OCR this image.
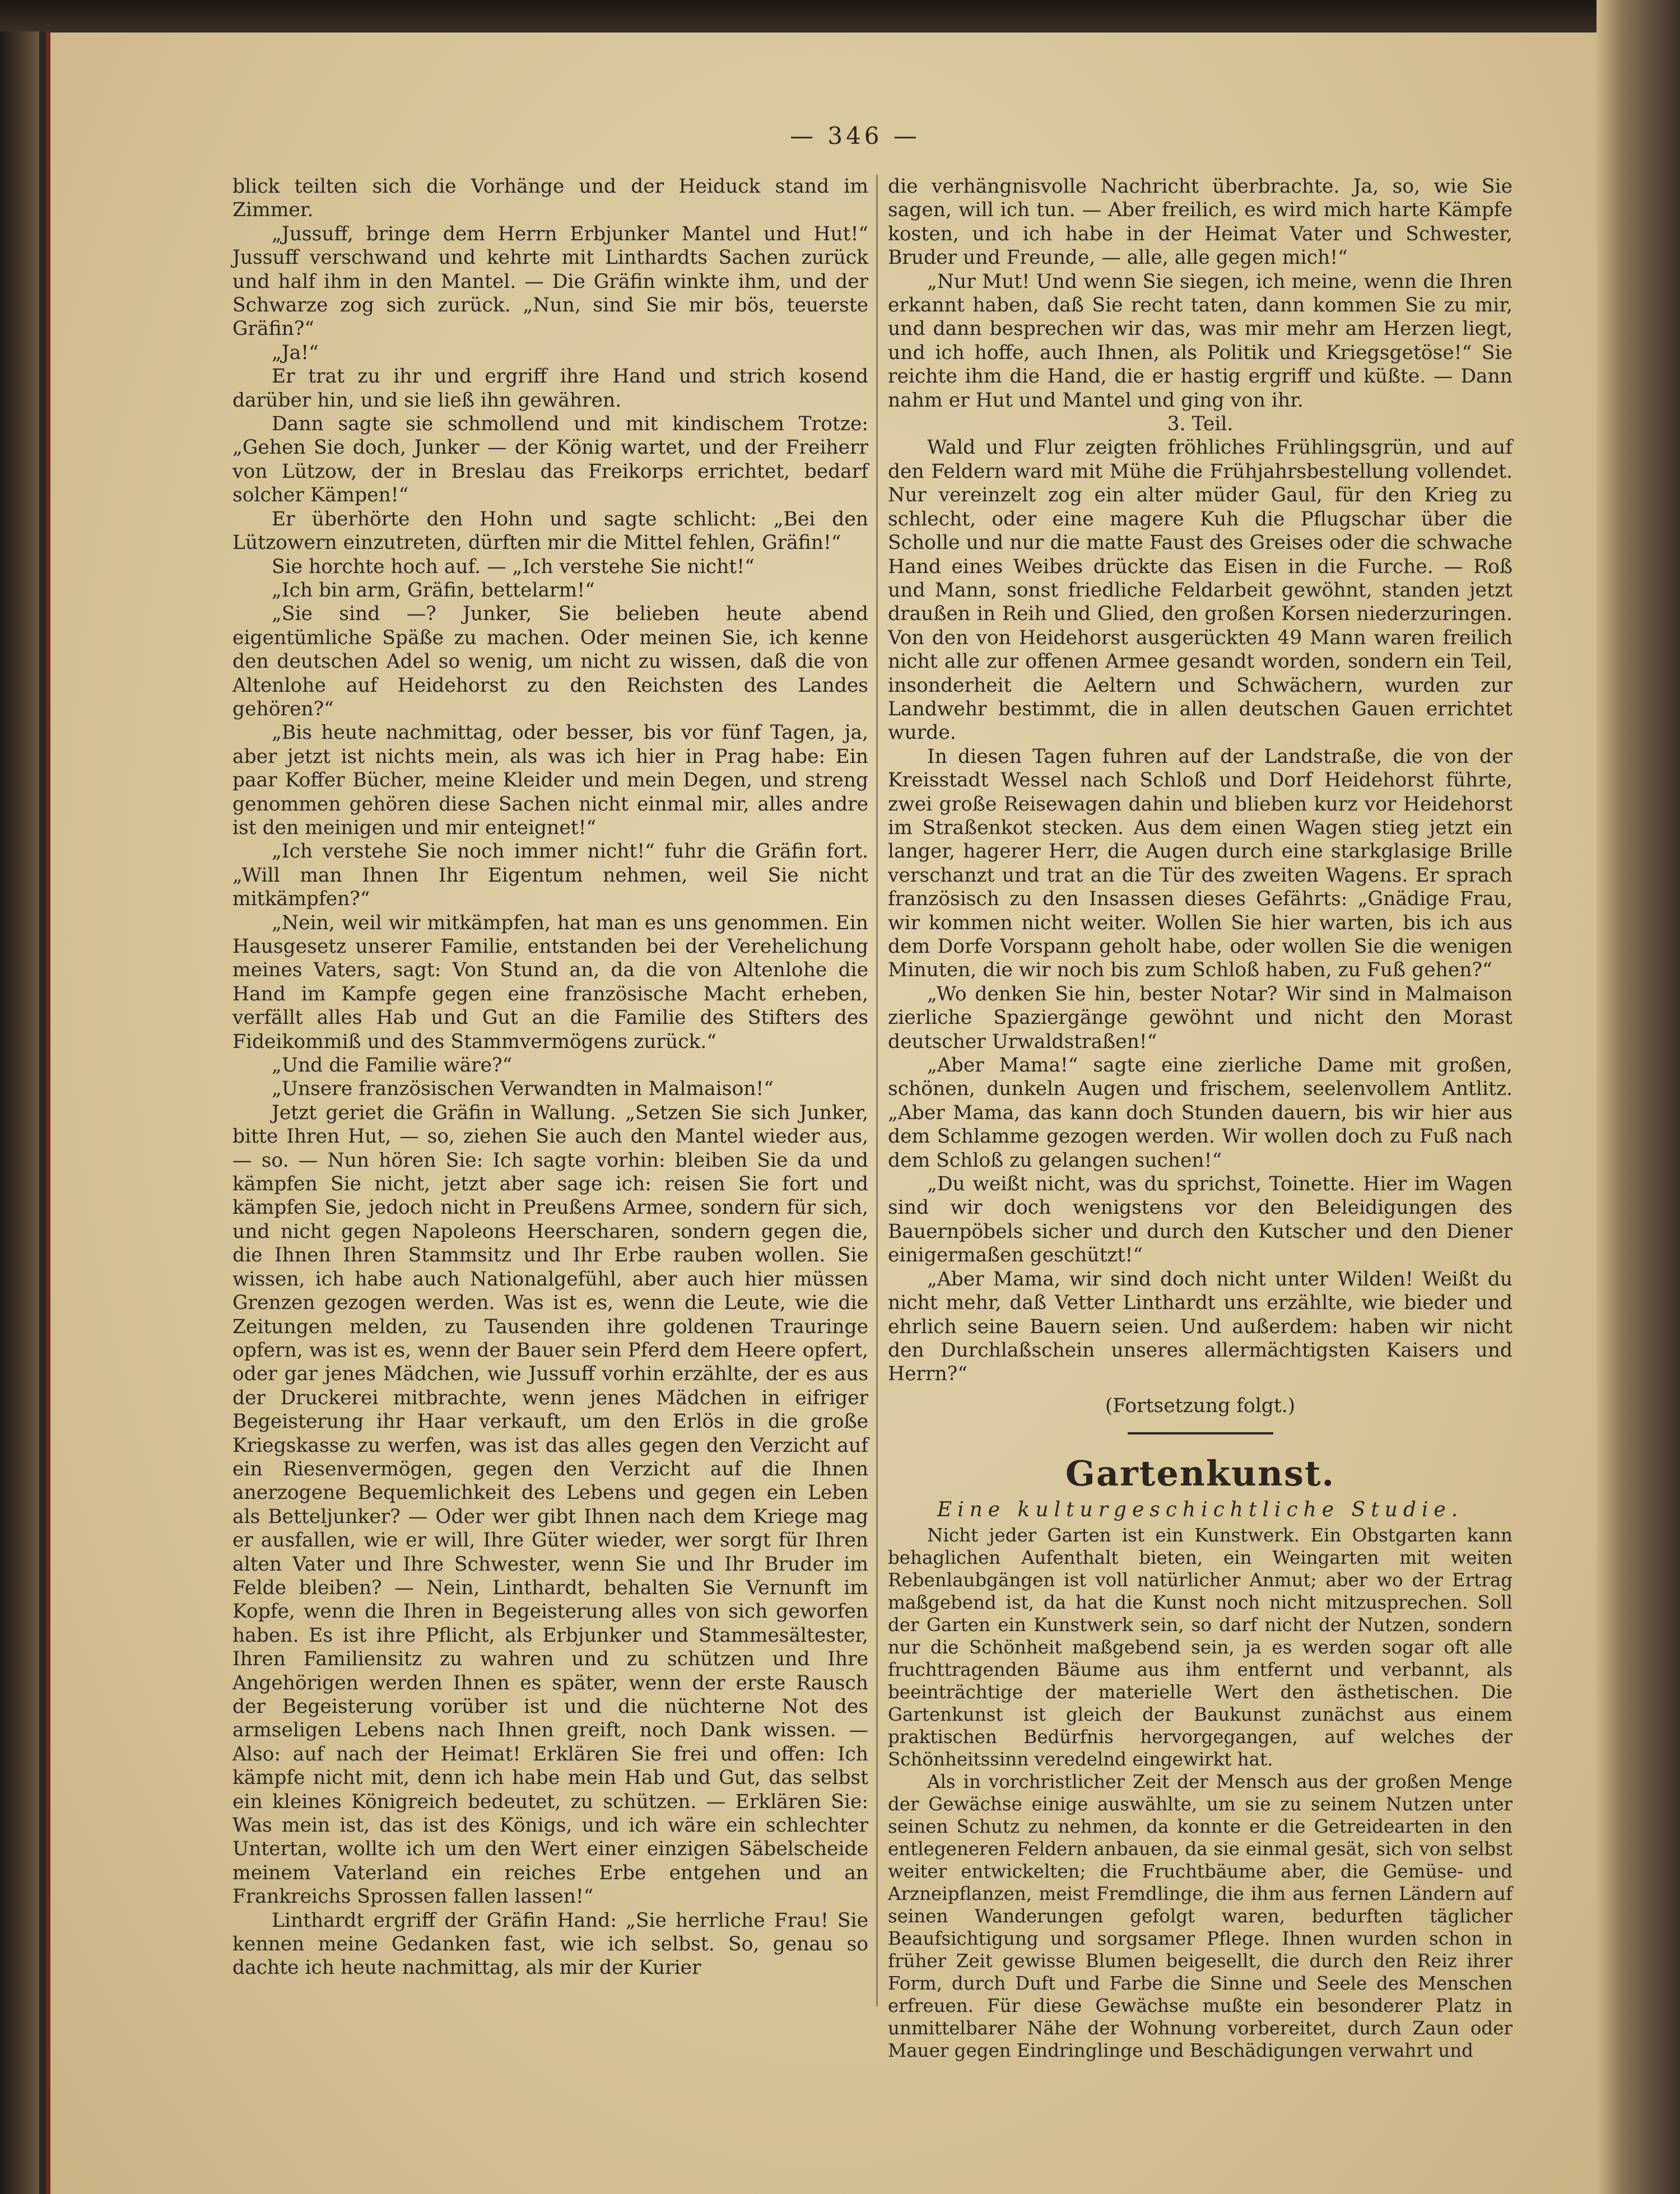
— 346 —

blick teilten sich die Vorhänge und der Heiduck stand im Zimmer.

„Jussuff, bringe dem Herrn Erbjunker Mantel und Hut!“ Jussuff verschwand und kehrte mit Linthardts Sachen zurück und half ihm in den Mantel. — Die Gräfin winkte ihm, und der Schwarze zog sich zurück. „Nun, sind Sie mir bös, teuerste Gräfin?“

„Ja!“

Er trat zu ihr und ergriff ihre Hand und strich kosend darüber hin, und sie ließ ihn gewähren.

Dann sagte sie schmollend und mit kindischem Trotze: „Gehen Sie doch, Junker — der König wartet, und der Freiherr von Lützow, der in Breslau das Freikorps errichtet, bedarf solcher Kämpen!“

Er überhörte den Hohn und sagte schlicht: „Bei den Lützowern einzutreten, dürften mir die Mittel fehlen, Gräfin!“

Sie horchte hoch auf. — „Ich verstehe Sie nicht!“

„Ich bin arm, Gräfin, bettelarm!“

„Sie sind —? Junker, Sie belieben heute abend eigentümliche Späße zu machen. Oder meinen Sie, ich kenne den deutschen Adel so wenig, um nicht zu wissen, daß die von Altenlohe auf Heidehorst zu den Reichsten des Landes gehören?“

„Bis heute nachmittag, oder besser, bis vor fünf Tagen, ja, aber jetzt ist nichts mein, als was ich hier in Prag habe: Ein paar Koffer Bücher, meine Kleider und mein Degen, und streng genommen gehören diese Sachen nicht einmal mir, alles andre ist den meinigen und mir enteignet!“

„Ich verstehe Sie noch immer nicht!“ fuhr die Gräfin fort. „Will man Ihnen Ihr Eigentum nehmen, weil Sie nicht mitkämpfen?“

„Nein, weil wir mitkämpfen, hat man es uns genommen. Ein Hausgesetz unserer Familie, entstanden bei der Verehelichung meines Vaters, sagt: Von Stund an, da die von Altenlohe die Hand im Kampfe gegen eine französische Macht erheben, verfällt alles Hab und Gut an die Familie des Stifters des Fideikommiß und des Stammvermögens zurück.“

„Und die Familie wäre?“

„Unsere französischen Verwandten in Malmaison!“

Jetzt geriet die Gräfin in Wallung. „Setzen Sie sich Junker, bitte Ihren Hut, — so, ziehen Sie auch den Mantel wieder aus, — so. — Nun hören Sie: Ich sagte vorhin: bleiben Sie da und kämpfen Sie nicht, jetzt aber sage ich: reisen Sie fort und kämpfen Sie, jedoch nicht in Preußens Armee, sondern für sich, und nicht gegen Napoleons Heerscharen, sondern gegen die, die Ihnen Ihren Stammsitz und Ihr Erbe rauben wollen. Sie wissen, ich habe auch Nationalgefühl, aber auch hier müssen Grenzen gezogen werden. Was ist es, wenn die Leute, wie die Zeitungen melden, zu Tausenden ihre goldenen Trauringe opfern, was ist es, wenn der Bauer sein Pferd dem Heere opfert, oder gar jenes Mädchen, wie Jussuff vorhin erzählte, der es aus der Druckerei mitbrachte, wenn jenes Mädchen in eifriger Begeisterung ihr Haar verkauft, um den Erlös in die große Kriegskasse zu werfen, was ist das alles gegen den Verzicht auf ein Riesenvermögen, gegen den Verzicht auf die Ihnen anerzogene Bequemlichkeit des Lebens und gegen ein Leben als Betteljunker? — Oder wer gibt Ihnen nach dem Kriege mag er ausfallen, wie er will, Ihre Güter wieder, wer sorgt für Ihren alten Vater und Ihre Schwester, wenn Sie und Ihr Bruder im Felde bleiben? — Nein, Linthardt, behalten Sie Vernunft im Kopfe, wenn die Ihren in Begeisterung alles von sich geworfen haben. Es ist ihre Pflicht, als Erbjunker und Stammesältester, Ihren Familiensitz zu wahren und zu schützen und Ihre Angehörigen werden Ihnen es später, wenn der erste Rausch der Begeisterung vorüber ist und die nüchterne Not des armseligen Lebens nach Ihnen greift, noch Dank wissen. — Also: auf nach der Heimat! Erklären Sie frei und offen: Ich kämpfe nicht mit, denn ich habe mein Hab und Gut, das selbst ein kleines Königreich bedeutet, zu schützen. — Erklären Sie: Was mein ist, das ist des Königs, und ich wäre ein schlechter Untertan, wollte ich um den Wert einer einzigen Säbelscheide meinem Vaterland ein reiches Erbe entgehen und an Frankreichs Sprossen fallen lassen!“

Linthardt ergriff der Gräfin Hand: „Sie herrliche Frau! Sie kennen meine Gedanken fast, wie ich selbst. So, genau so dachte ich heute nachmittag, als mir der Kurier

die verhängnisvolle Nachricht überbrachte. Ja, so, wie Sie sagen, will ich tun. — Aber freilich, es wird mich harte Kämpfe kosten, und ich habe in der Heimat Vater und Schwester, Bruder und Freunde, — alle, alle gegen mich!“

„Nur Mut! Und wenn Sie siegen, ich meine, wenn die Ihren erkannt haben, daß Sie recht taten, dann kommen Sie zu mir, und dann besprechen wir das, was mir mehr am Herzen liegt, und ich hoffe, auch Ihnen, als Politik und Kriegsgetöse!“ Sie reichte ihm die Hand, die er hastig ergriff und küßte. — Dann nahm er Hut und Mantel und ging von ihr.

3. Teil.

Wald und Flur zeigten fröhliches Frühlingsgrün, und auf den Feldern ward mit Mühe die Frühjahrsbestellung vollendet. Nur vereinzelt zog ein alter müder Gaul, für den Krieg zu schlecht, oder eine magere Kuh die Pflugschar über die Scholle und nur die matte Faust des Greises oder die schwache Hand eines Weibes drückte das Eisen in die Furche. — Roß und Mann, sonst friedliche Feldarbeit gewöhnt, standen jetzt draußen in Reih und Glied, den großen Korsen niederzuringen. Von den von Heidehorst ausgerückten 49 Mann waren freilich nicht alle zur offenen Armee gesandt worden, sondern ein Teil, insonderheit die Aeltern und Schwächern, wurden zur Landwehr bestimmt, die in allen deutschen Gauen errichtet wurde.

In diesen Tagen fuhren auf der Landstraße, die von der Kreisstadt Wessel nach Schloß und Dorf Heidehorst führte, zwei große Reisewagen dahin und blieben kurz vor Heidehorst im Straßenkot stecken. Aus dem einen Wagen stieg jetzt ein langer, hagerer Herr, die Augen durch eine starkglasige Brille verschanzt und trat an die Tür des zweiten Wagens. Er sprach französisch zu den Insassen dieses Gefährts: „Gnädige Frau, wir kommen nicht weiter. Wollen Sie hier warten, bis ich aus dem Dorfe Vorspann geholt habe, oder wollen Sie die wenigen Minuten, die wir noch bis zum Schloß haben, zu Fuß gehen?“

„Wo denken Sie hin, bester Notar? Wir sind in Malmaison zierliche Spaziergänge gewöhnt und nicht den Morast deutscher Urwaldstraßen!“

„Aber Mama!“ sagte eine zierliche Dame mit großen, schönen, dunkeln Augen und frischem, seelenvollem Antlitz. „Aber Mama, das kann doch Stunden dauern, bis wir hier aus dem Schlamme gezogen werden. Wir wollen doch zu Fuß nach dem Schloß zu gelangen suchen!“

„Du weißt nicht, was du sprichst, Toinette. Hier im Wagen sind wir doch wenigstens vor den Beleidigungen des Bauernpöbels sicher und durch den Kutscher und den Diener einigermaßen geschützt!“

„Aber Mama, wir sind doch nicht unter Wilden! Weißt du nicht mehr, daß Vetter Linthardt uns erzählte, wie bieder und ehrlich seine Bauern seien. Und außerdem: haben wir nicht den Durchlaßschein unseres allermächtigsten Kaisers und Herrn?“

(Fortsetzung folgt.)

Gartenkunst.

Eine kulturgeschichtliche Studie.

Nicht jeder Garten ist ein Kunstwerk. Ein Obstgarten kann behaglichen Aufenthalt bieten, ein Weingarten mit weiten Rebenlaubgängen ist voll natürlicher Anmut; aber wo der Ertrag maßgebend ist, da hat die Kunst noch nicht mitzusprechen. Soll der Garten ein Kunstwerk sein, so darf nicht der Nutzen, sondern nur die Schönheit maßgebend sein, ja es werden sogar oft alle fruchttragenden Bäume aus ihm entfernt und verbannt, als beeinträchtige der materielle Wert den ästhetischen. Die Gartenkunst ist gleich der Baukunst zunächst aus einem praktischen Bedürfnis hervorgegangen, auf welches der Schönheitssinn veredelnd eingewirkt hat.

Als in vorchristlicher Zeit der Mensch aus der großen Menge der Gewächse einige auswählte, um sie zu seinem Nutzen unter seinen Schutz zu nehmen, da konnte er die Getreidearten in den entlegeneren Feldern anbauen, da sie einmal gesät, sich von selbst weiter entwickelten; die Fruchtbäume aber, die Gemüse- und Arzneipflanzen, meist Fremdlinge, die ihm aus fernen Ländern auf seinen Wanderungen gefolgt waren, bedurften täglicher Beaufsichtigung und sorgsamer Pflege. Ihnen wurden schon in früher Zeit gewisse Blumen beigesellt, die durch den Reiz ihrer Form, durch Duft und Farbe die Sinne und Seele des Menschen erfreuen. Für diese Gewächse mußte ein besonderer Platz in unmittelbarer Nähe der Wohnung vorbereitet, durch Zaun oder Mauer gegen Eindringlinge und Beschädigungen verwahrt und
